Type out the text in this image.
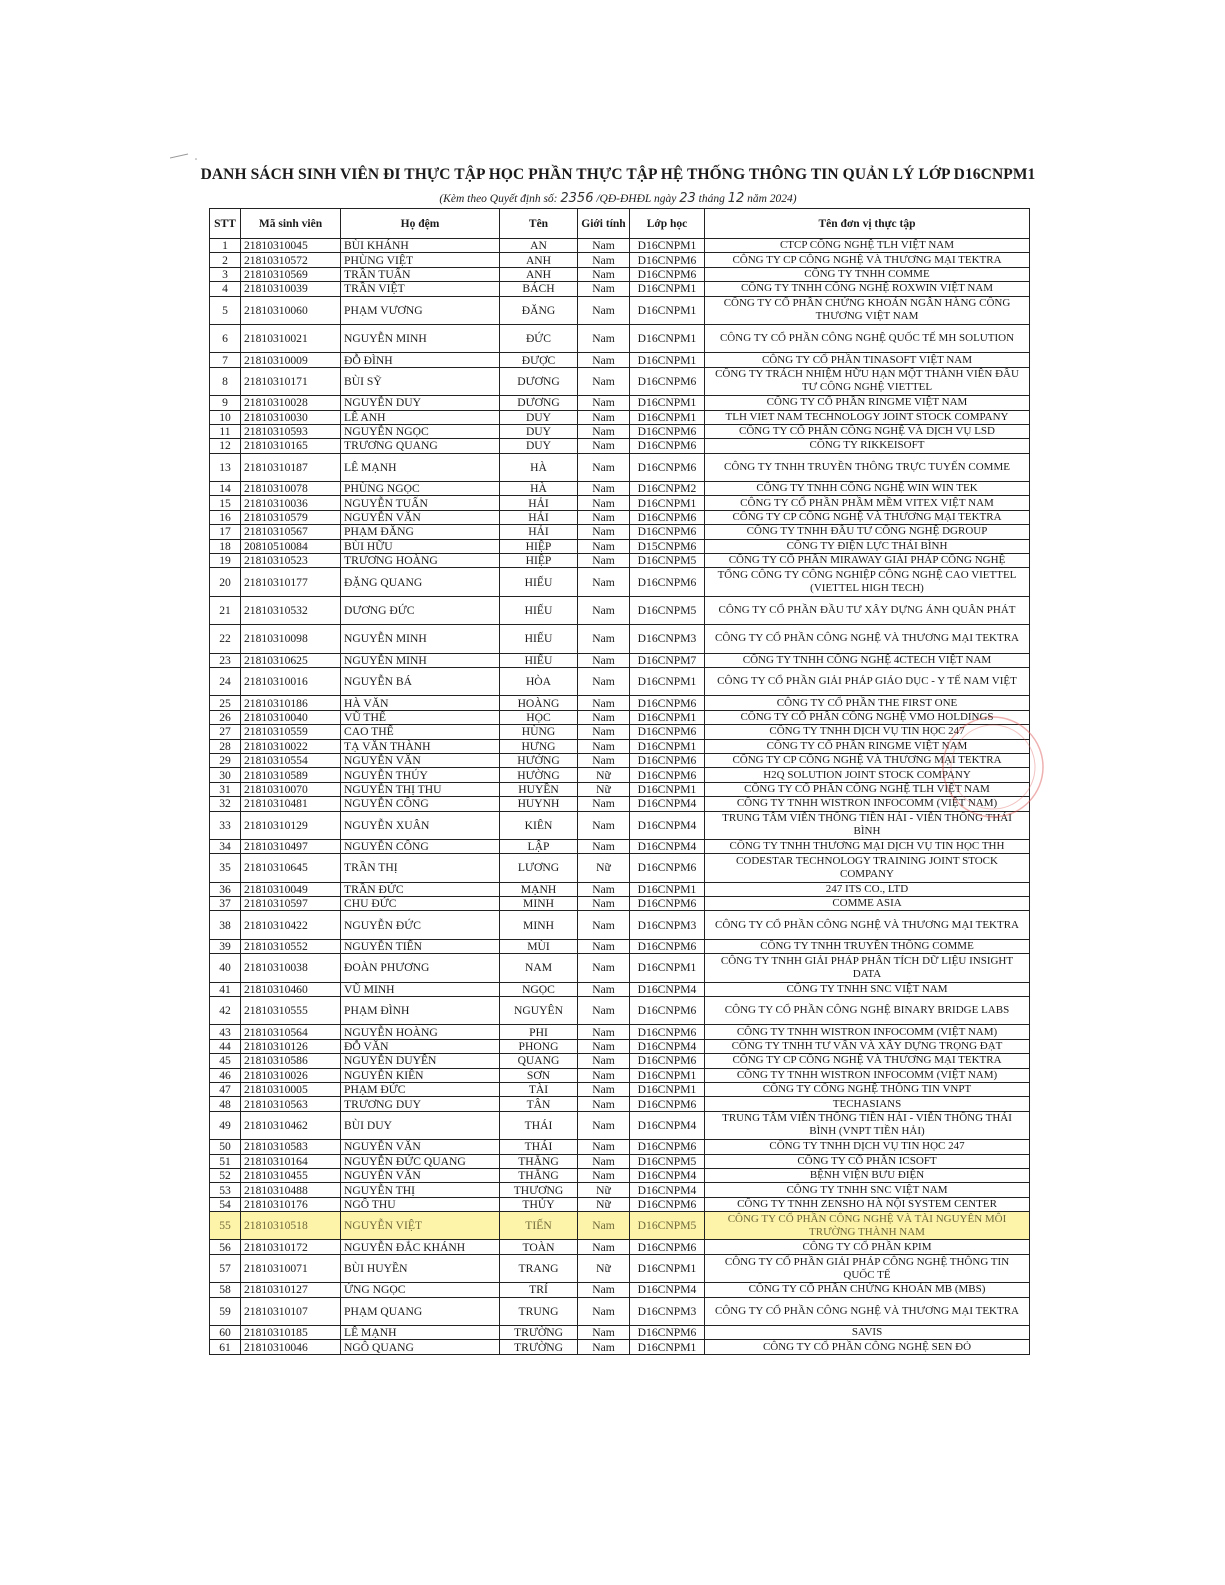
DANH SÁCH SINH VIÊN ĐI THỰC TẬP HỌC PHẦN THỰC TẬP HỆ THỐNG THÔNG TIN QUẢN LÝ LỚP D16CNPM1
(Kèm theo Quyết định số: 2356 /QĐ-ĐHĐL ngày 23 tháng 12 năm 2024)
STT	Mã sinh viên	Họ đệm	Tên	Giới tính	Lớp học	Tên đơn vị thực tập
1	21810310045	BÙI KHÁNH	AN	Nam	D16CNPM1	CTCP CÔNG NGHỆ TLH VIỆT NAM
2	21810310572	PHÙNG VIỆT	ANH	Nam	D16CNPM6	CÔNG TY CP CÔNG NGHỆ VÀ THƯƠNG MẠI TEKTRA
3	21810310569	TRẦN TUẤN	ANH	Nam	D16CNPM6	CÔNG TY TNHH COMME
4	21810310039	TRẦN VIỆT	BÁCH	Nam	D16CNPM1	CÔNG TY TNHH CÔNG NGHỆ ROXWIN VIỆT NAM
5	21810310060	PHẠM VƯƠNG	ĐĂNG	Nam	D16CNPM1	CÔNG TY CỔ PHẦN CHỨNG KHOÁN NGÂN HÀNG CÔNG THƯƠNG VIỆT NAM
6	21810310021	NGUYỄN MINH	ĐỨC	Nam	D16CNPM1	CÔNG TY CỔ PHẦN CÔNG NGHỆ QUỐC TẾ MH SOLUTION
7	21810310009	ĐỖ ĐÌNH	ĐƯỢC	Nam	D16CNPM1	CÔNG TY CỔ PHẦN TINASOFT VIỆT NAM
8	21810310171	BÙI SỸ	DƯƠNG	Nam	D16CNPM6	CÔNG TY TRÁCH NHIỆM HỮU HẠN MỘT THÀNH VIÊN ĐẦU TƯ CÔNG NGHỆ VIETTEL
9	21810310028	NGUYỄN DUY	DƯƠNG	Nam	D16CNPM1	CÔNG TY CỔ PHẦN RINGME VIỆT NAM
10	21810310030	LÊ ANH	DUY	Nam	D16CNPM1	TLH VIET NAM TECHNOLOGY JOINT STOCK COMPANY
11	21810310593	NGUYỄN NGỌC	DUY	Nam	D16CNPM6	CÔNG TY CỔ PHẦN CÔNG NGHỆ VÀ DỊCH VỤ LSD
12	21810310165	TRƯƠNG QUANG	DUY	Nam	D16CNPM6	CÔNG TY RIKKEISOFT
13	21810310187	LÊ MẠNH	HÀ	Nam	D16CNPM6	CÔNG TY TNHH TRUYỀN THÔNG TRỰC TUYẾN COMME
14	21810310078	PHÙNG NGỌC	HÀ	Nam	D16CNPM2	CÔNG TY TNHH CÔNG NGHỆ WIN WIN TEK
15	21810310036	NGUYỄN TUẤN	HẢI	Nam	D16CNPM1	CÔNG TY CỔ PHẦN PHẦM MỀM VITEX VIỆT NAM
16	21810310579	NGUYỄN VĂN	HẢI	Nam	D16CNPM6	CÔNG TY CP CÔNG NGHỆ VÀ THƯƠNG MẠI TEKTRA
17	21810310567	PHẠM ĐĂNG	HẢI	Nam	D16CNPM6	CÔNG TY TNHH ĐẦU TƯ CÔNG NGHỆ DGROUP
18	20810510084	BÙI HỮU	HIỆP	Nam	D15CNPM6	CÔNG TY ĐIỆN LỰC THÁI BÌNH
19	21810310523	TRƯƠNG HOÀNG	HIỆP	Nam	D16CNPM5	CÔNG TY CỔ PHẦN MIRAWAY GIẢI PHÁP CÔNG NGHỆ
20	21810310177	ĐẶNG QUANG	HIẾU	Nam	D16CNPM6	TỔNG CÔNG TY CÔNG NGHIỆP CÔNG NGHỆ CAO VIETTEL (VIETTEL HIGH TECH)
21	21810310532	DƯƠNG ĐỨC	HIẾU	Nam	D16CNPM5	CÔNG TY CỔ PHẦN ĐẦU TƯ XÂY DỰNG ÁNH QUÂN PHÁT
22	21810310098	NGUYỄN MINH	HIẾU	Nam	D16CNPM3	CÔNG TY CỔ PHẦN CÔNG NGHỆ VÀ THƯƠNG MẠI TEKTRA
23	21810310625	NGUYỄN MINH	HIẾU	Nam	D16CNPM7	CÔNG TY TNHH CÔNG NGHỆ 4CTECH VIỆT NAM
24	21810310016	NGUYỄN BÁ	HÒA	Nam	D16CNPM1	CÔNG TY CỔ PHẦN GIẢI PHÁP GIÁO DỤC - Y TẾ NAM VIỆT
25	21810310186	HÀ VĂN	HOÀNG	Nam	D16CNPM6	CÔNG TY CỔ PHẦN THE FIRST ONE
26	21810310040	VŨ THẾ	HỌC	Nam	D16CNPM1	CÔNG TY CỔ PHẦN CÔNG NGHỆ VMO HOLDINGS
27	21810310559	CAO THẾ	HÙNG	Nam	D16CNPM6	CÔNG TY TNHH DỊCH VỤ TIN HỌC 247
28	21810310022	TẠ VĂN THÀNH	HƯNG	Nam	D16CNPM1	CÔNG TY CỔ PHẦN RINGME VIỆT NAM
29	21810310554	NGUYỄN VĂN	HƯỚNG	Nam	D16CNPM6	CÔNG TY CP CÔNG NGHỆ VÀ THƯƠNG MẠI TEKTRA
30	21810310589	NGUYỄN THÚY	HƯỜNG	Nữ	D16CNPM6	H2Q SOLUTION JOINT STOCK COMPANY
31	21810310070	NGUYỄN THỊ THU	HUYỀN	Nữ	D16CNPM1	CÔNG TY CỔ PHẦN CÔNG NGHỆ TLH VIỆT NAM
32	21810310481	NGUYỄN CÔNG	HUYNH	Nam	D16CNPM4	CÔNG TY TNHH WISTRON INFOCOMM (VIỆT NAM)
33	21810310129	NGUYỄN XUÂN	KIÊN	Nam	D16CNPM4	TRUNG TÂM VIỄN THÔNG TIỀN HẢI - VIỄN THÔNG THÁI BÌNH
34	21810310497	NGUYỄN CÔNG	LẬP	Nam	D16CNPM4	CÔNG TY TNHH THƯƠNG MẠI DỊCH VỤ TIN HỌC THH
35	21810310645	TRẦN THỊ	LƯƠNG	Nữ	D16CNPM6	CODESTAR TECHNOLOGY TRAINING JOINT STOCK COMPANY
36	21810310049	TRẦN ĐỨC	MẠNH	Nam	D16CNPM1	247 ITS CO., LTD
37	21810310597	CHU ĐỨC	MINH	Nam	D16CNPM6	COMME ASIA
38	21810310422	NGUYỄN ĐỨC	MINH	Nam	D16CNPM3	CÔNG TY CỔ PHẦN CÔNG NGHỆ VÀ THƯƠNG MẠI TEKTRA
39	21810310552	NGUYỄN TIẾN	MÙI	Nam	D16CNPM6	CÔNG TY TNHH TRUYỀN THÔNG COMME
40	21810310038	ĐOÀN PHƯƠNG	NAM	Nam	D16CNPM1	CÔNG TY TNHH GIẢI PHÁP PHÂN TÍCH DỮ LIỆU INSIGHT DATA
41	21810310460	VŨ MINH	NGỌC	Nam	D16CNPM4	CÔNG TY TNHH SNC VIỆT NAM
42	21810310555	PHẠM ĐÌNH	NGUYÊN	Nam	D16CNPM6	CÔNG TY CỔ PHẦN CÔNG NGHỆ BINARY BRIDGE LABS
43	21810310564	NGUYỄN HOÀNG	PHI	Nam	D16CNPM6	CÔNG TY TNHH WISTRON INFOCOMM (VIỆT NAM)
44	21810310126	ĐỖ VĂN	PHONG	Nam	D16CNPM4	CÔNG TY TNHH TƯ VẤN VÀ XÂY DỰNG TRỌNG ĐẠT
45	21810310586	NGUYỄN DUYÊN	QUANG	Nam	D16CNPM6	CÔNG TY CP CÔNG NGHỆ VÀ THƯƠNG MẠI TEKTRA
46	21810310026	NGUYỄN KIÊN	SƠN	Nam	D16CNPM1	CÔNG TY TNHH WISTRON INFOCOMM (VIỆT NAM)
47	21810310005	PHẠM ĐỨC	TÀI	Nam	D16CNPM1	CÔNG TY CÔNG NGHỆ THÔNG TIN VNPT
48	21810310563	TRƯƠNG DUY	TÂN	Nam	D16CNPM6	TECHASIANS
49	21810310462	BÙI DUY	THÁI	Nam	D16CNPM4	TRUNG TÂM VIỄN THÔNG TIỀN HẢI - VIỄN THÔNG THÁI BÌNH (VNPT TIỀN HẢI)
50	21810310583	NGUYỄN VĂN	THÁI	Nam	D16CNPM6	CÔNG TY TNHH DỊCH VỤ TIN HỌC 247
51	21810310164	NGUYỄN ĐỨC QUANG	THẮNG	Nam	D16CNPM5	CÔNG TY CỔ PHẦN ICSOFT
52	21810310455	NGUYỄN VĂN	THẮNG	Nam	D16CNPM4	BỆNH VIỆN BƯU ĐIỆN
53	21810310488	NGUYỄN THỊ	THƯƠNG	Nữ	D16CNPM4	CÔNG TY TNHH SNC VIỆT NAM
54	21810310176	NGÔ THU	THỦY	Nữ	D16CNPM6	CÔNG TY TNHH ZENSHO HÀ NỘI SYSTEM CENTER
55	21810310518	NGUYỄN VIỆT	TIẾN	Nam	D16CNPM5	CÔNG TY CỔ PHẦN CÔNG NGHỆ VÀ TÀI NGUYÊN MÔI TRƯỜNG THÀNH NAM
56	21810310172	NGUYỄN ĐẮC KHÁNH	TOÀN	Nam	D16CNPM6	CÔNG TY CỔ PHẦN KPIM
57	21810310071	BÙI HUYỀN	TRANG	Nữ	D16CNPM1	CÔNG TY CỔ PHẦN GIẢI PHÁP CÔNG NGHỆ THÔNG TIN QUỐC TẾ
58	21810310127	ỨNG NGỌC	TRÍ	Nam	D16CNPM4	CÔNG TY CỔ PHẦN CHỨNG KHOÁN MB (MBS)
59	21810310107	PHẠM QUANG	TRUNG	Nam	D16CNPM3	CÔNG TY CỔ PHẦN CÔNG NGHỆ VÀ THƯƠNG MẠI TEKTRA
60	21810310185	LÊ MẠNH	TRƯỜNG	Nam	D16CNPM6	SAVIS
61	21810310046	NGÔ QUANG	TRƯỜNG	Nam	D16CNPM1	CÔNG TY CỔ PHẦN CÔNG NGHỆ SEN ĐỎ
